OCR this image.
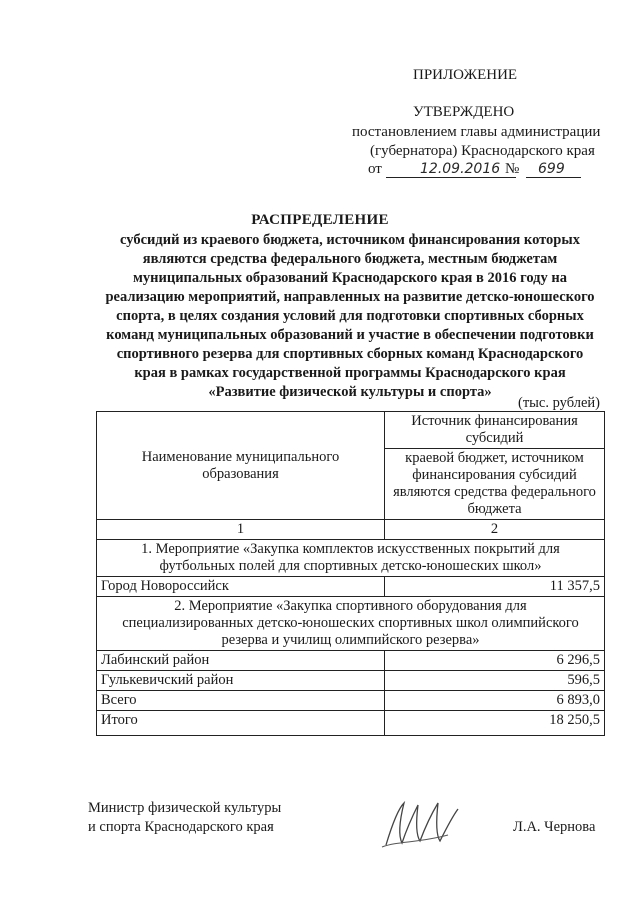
ПРИЛОЖЕНИЕ
УТВЕРЖДЕНО
постановлением главы администрации
(губернатора) Краснодарского края
от	12.09.2016 № 699
РАСПРЕДЕЛЕНИЕ
субсидий из краевого бюджета, источником финансирования которых
являются средства федерального бюджета, местным бюджетам
муниципальных образований Краснодарского края в 2016 году на
реализацию мероприятий, направленных на развитие детско-юношеского
спорта, в целях создания условий для подготовки спортивных сборных
команд муниципальных образований и участие в обеспечении подготовки
спортивного резерва для спортивных сборных команд Краснодарского
края в рамках государственной программы Краснодарского края
«Развитие физической культуры и спорта»
(тыс. рублей)
Наименование муниципального образования	Источник финансирования субсидий
	краевой бюджет, источником финансирования субсидий являются средства федерального бюджета
1	2
1. Мероприятие «Закупка комплектов искусственных покрытий для футбольных полей для спортивных детско-юношеских школ»	
Город Новороссийск	11 357,5
2. Мероприятие «Закупка спортивного оборудования для специализированных детско-юношеских спортивных школ олимпийского резерва и училищ олимпийского резерва»	
Лабинский район	6 296,5
Гулькевичский район	596,5
Всего	6 893,0
Итого	18 250,5
Министр физической культуры
и спорта Краснодарского края	Л.А. Чернова
